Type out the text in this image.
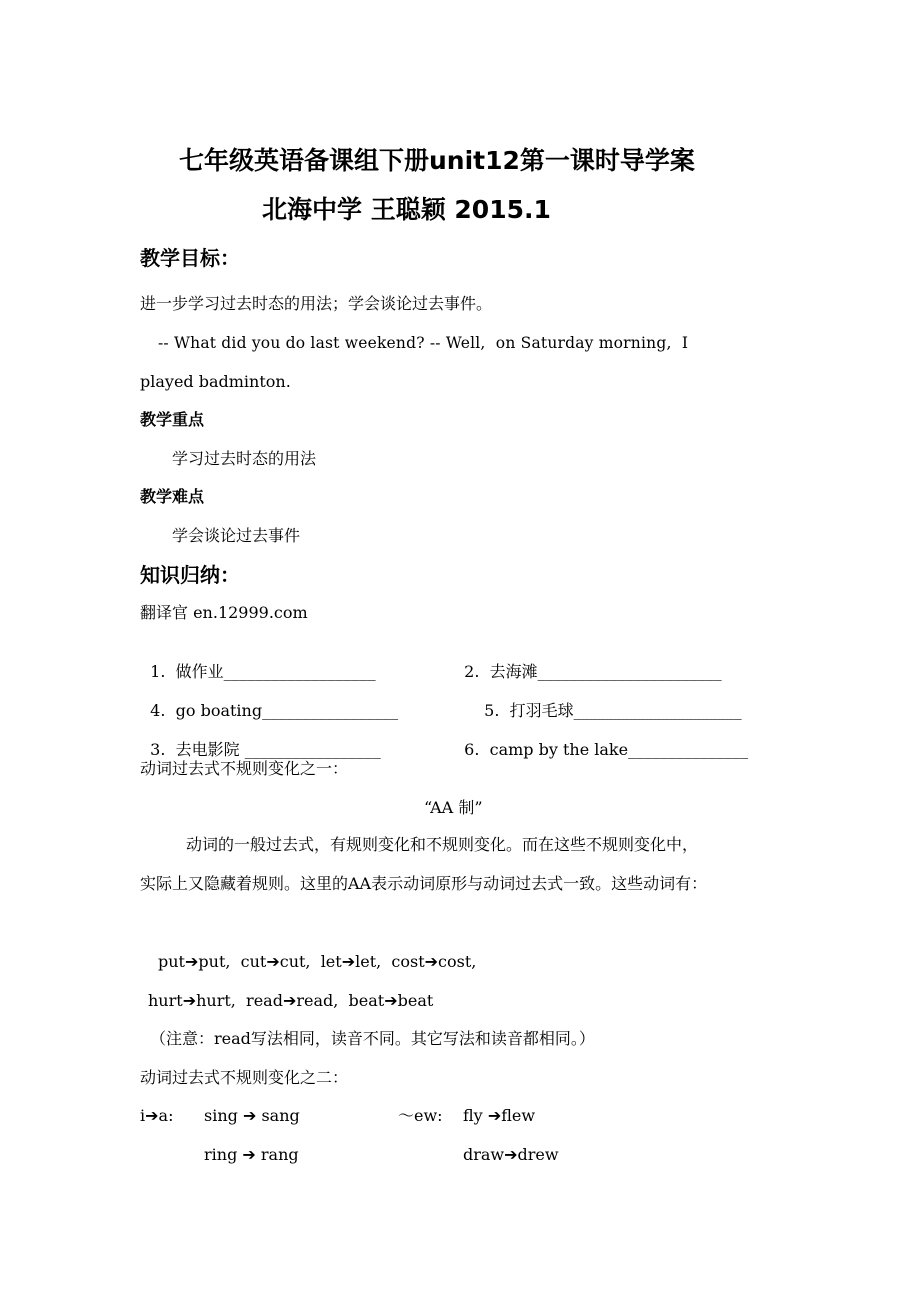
七年级英语备课组下册unit12第一课时导学案
北海中学 王聪颖 2015.1
教学目标：
进一步学习过去时态的用法；学会谈论过去事件。
-- What did you do last weekend? -- Well,  on Saturday morning,  I
played badminton.
教学重点
学习过去时态的用法
教学难点
学会谈论过去事件
知识归纳：
翻译官 en.12999.com

1. 做作业___________________	2. 去海滩_______________________

4. go boating_________________	5. 打羽毛球_____________________

3. 去电影院 _________________	6. camp by the lake_______________

动词过去式不规则变化之一：
“AA 制”
动词的一般过去式，有规则变化和不规则变化。而在这些不规则变化中，
实际上又隐藏着规则。这里的AA表示动词原形与动词过去式一致。这些动词有：
put➔put, cut➔cut, let➔let, cost➔cost,
hurt➔hurt, read➔read, beat➔beat
（注意：read写法相同，读音不同。其它写法和读音都相同。）
动词过去式不规则变化之二：
i➔a: sing ➔ sang	～ew: fly ➔flew
ring ➔ rang	draw➔drew
